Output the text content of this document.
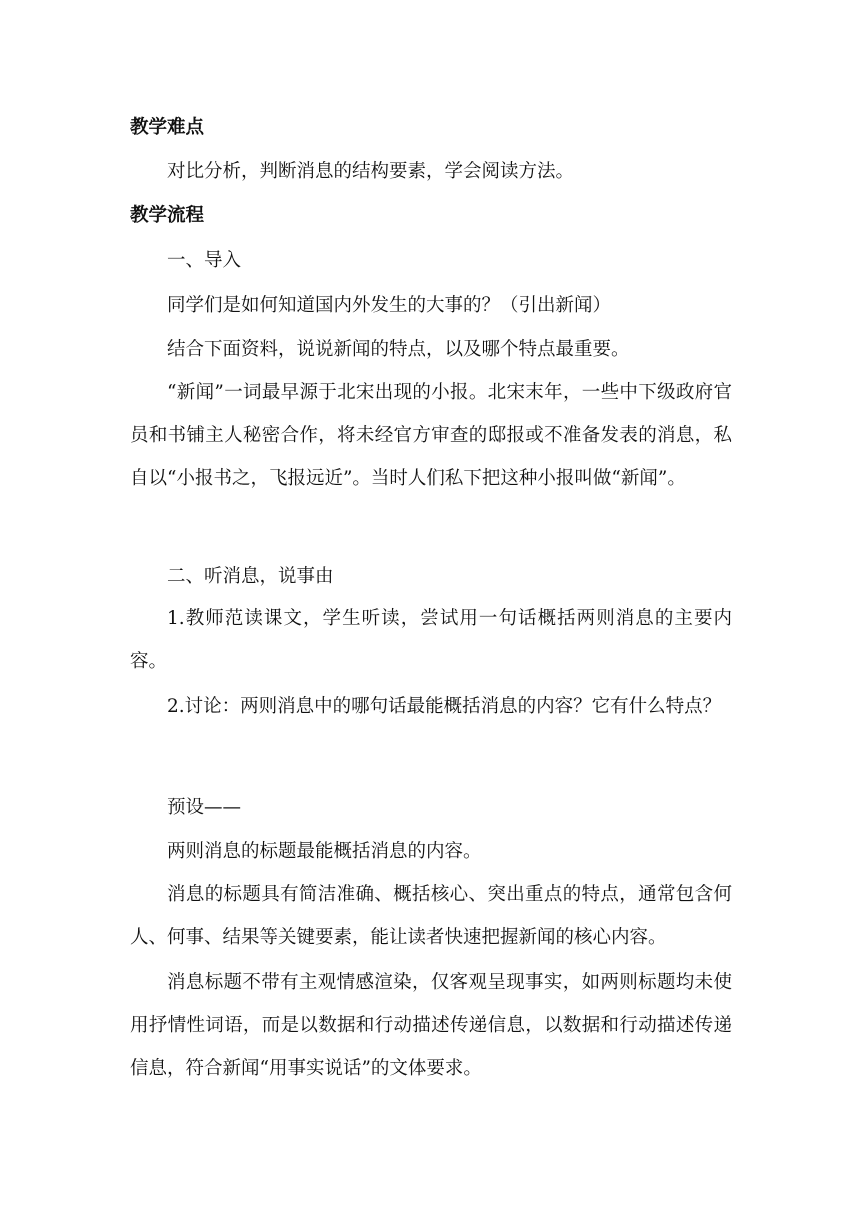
教学难点
对比分析，判断消息的结构要素，学会阅读方法。
教学流程
一、导入
同学们是如何知道国内外发生的大事的？（引出新闻）
结合下面资料，说说新闻的特点，以及哪个特点最重要。
“新闻”一词最早源于北宋出现的小报。北宋末年，一些中下级政府官员和书铺主人秘密合作，将未经官方审查的邸报或不准备发表的消息，私自以“小报书之，飞报远近”。当时人们私下把这种小报叫做“新闻”。
二、听消息，说事由
1.教师范读课文，学生听读，尝试用一句话概括两则消息的主要内容。
2.讨论：两则消息中的哪句话最能概括消息的内容？它有什么特点？
预设——
两则消息的标题最能概括消息的内容。
消息的标题具有简洁准确、概括核心、突出重点的特点，通常包含何人、何事、结果等关键要素，能让读者快速把握新闻的核心内容。
消息标题不带有主观情感渲染，仅客观呈现事实，如两则标题均未使用抒情性词语，而是以数据和行动描述传递信息，以数据和行动描述传递信息，符合新闻“用事实说话”的文体要求。
